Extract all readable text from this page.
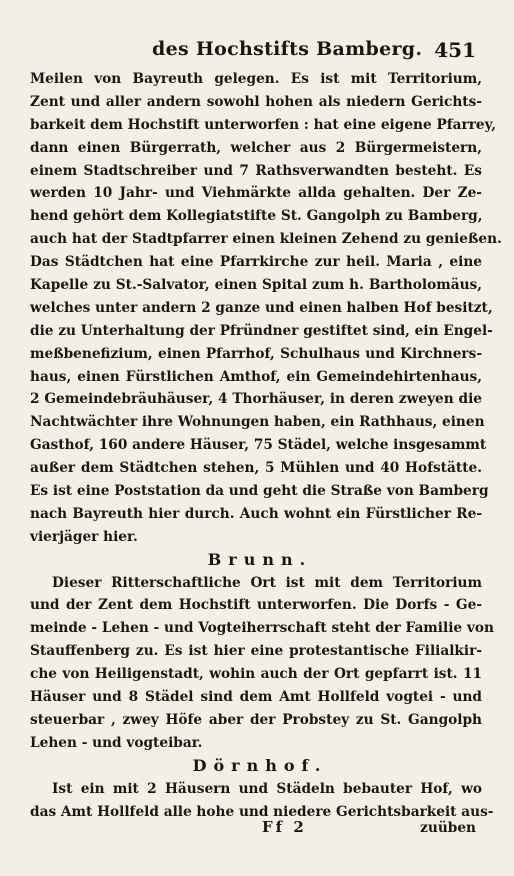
des Hochstifts Bamberg. 451
Meilen von Bayreuth gelegen. Es ist mit Territorium,
Zent und aller andern sowohl hohen als niedern Gerichts-
barkeit dem Hochstift unterworfen : hat eine eigene Pfarrey,
dann einen Bürgerrath, welcher aus 2 Bürgermeistern,
einem Stadtschreiber und 7 Rathsverwandten besteht. Es
werden 10 Jahr- und Viehmärkte allda gehalten. Der Ze-
hend gehört dem Kollegiatstifte St. Gangolph zu Bamberg,
auch hat der Stadtpfarrer einen kleinen Zehend zu genießen.
Das Städtchen hat eine Pfarrkirche zur heil. Maria , eine
Kapelle zu St.-Salvator, einen Spital zum h. Bartholomäus,
welches unter andern 2 ganze und einen halben Hof besitzt,
die zu Unterhaltung der Pfründner gestiftet sind, ein Engel-
meßbenefizium, einen Pfarrhof, Schulhaus und Kirchners-
haus, einen Fürstlichen Amthof, ein Gemeindehirtenhaus,
2 Gemeindebräuhäuser, 4 Thorhäuser, in deren zweyen die
Nachtwächter ihre Wohnungen haben, ein Rathhaus, einen
Gasthof, 160 andere Häuser, 75 Städel, welche insgesammt
außer dem Städtchen stehen, 5 Mühlen und 40 Hofstätte.
Es ist eine Poststation da und geht die Straße von Bamberg
nach Bayreuth hier durch. Auch wohnt ein Fürstlicher Re-
vierjäger hier.
Brunn.
Dieser Ritterschaftliche Ort ist mit dem Territorium
und der Zent dem Hochstift unterworfen. Die Dorfs - Ge-
meinde - Lehen - und Vogteiherrschaft steht der Familie von
Stauffenberg zu. Es ist hier eine protestantische Filialkir-
che von Heiligenstadt, wohin auch der Ort gepfarrt ist. 11
Häuser und 8 Städel sind dem Amt Hollfeld vogtei - und
steuerbar , zwey Höfe aber der Probstey zu St. Gangolph
Lehen - und vogteibar.
Dörnhof.
Ist ein mit 2 Häusern und Städeln bebauter Hof, wo
das Amt Hollfeld alle hohe und niedere Gerichtsbarkeit aus-
Ff 2	zuüben
